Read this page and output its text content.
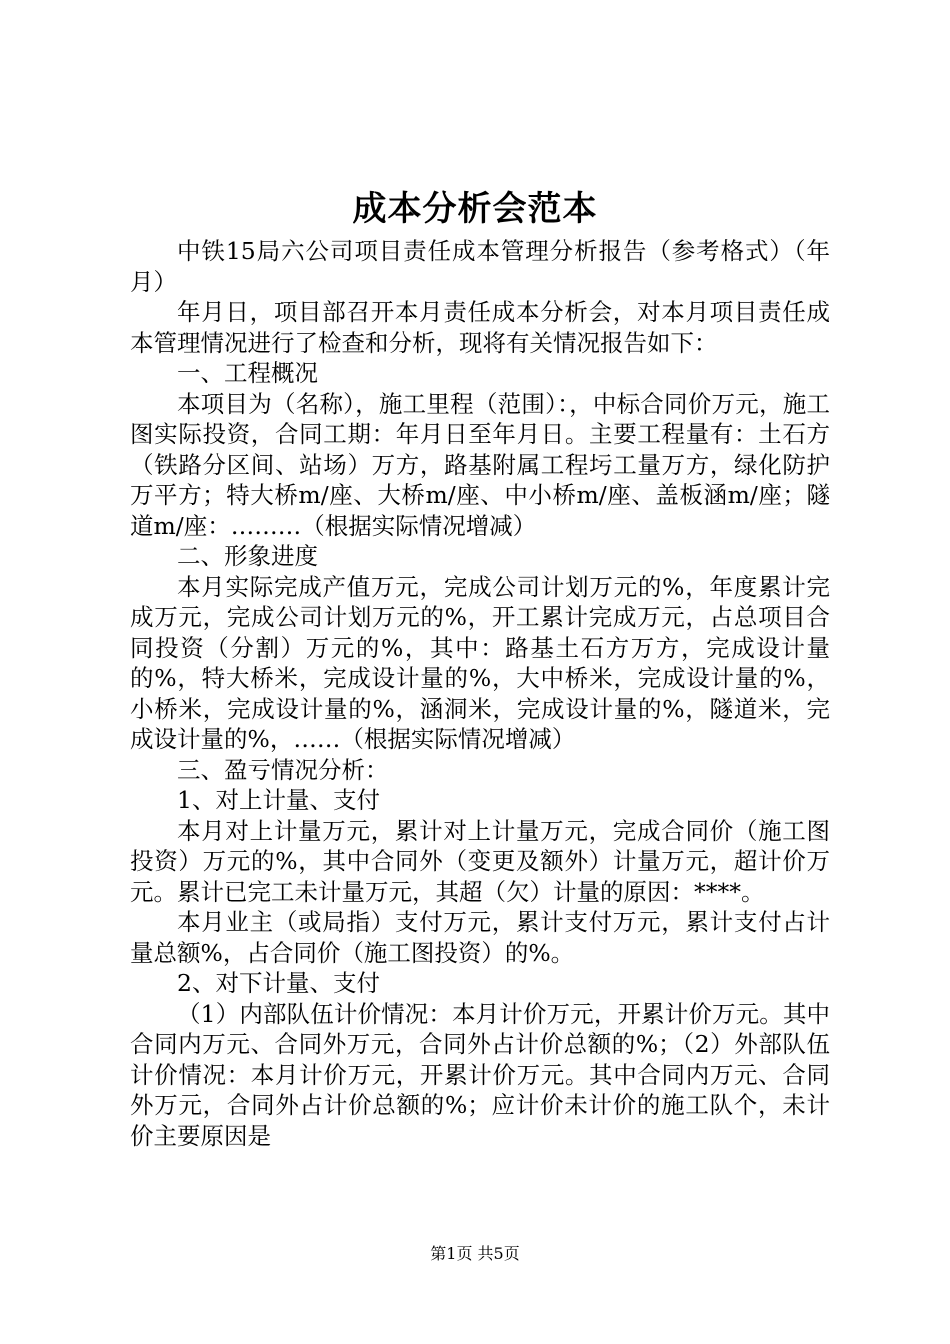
成本分析会范本

中铁15局六公司项目责任成本管理分析报告（参考格式）（年月）

年月日，项目部召开本月责任成本分析会，对本月项目责任成本管理情况进行了检查和分析，现将有关情况报告如下：

一、工程概况

本项目为（名称），施工里程（范围）：，中标合同价万元，施工图实际投资，合同工期：年月日至年月日。主要工程量有：土石方（铁路分区间、站场）万方，路基附属工程圬工量万方，绿化防护万平方；特大桥m/座、大桥m/座、中小桥m/座、盖板涵m/座；隧道m/座：………（根据实际情况增减）

二、形象进度

本月实际完成产值万元，完成公司计划万元的%，年度累计完成万元，完成公司计划万元的%，开工累计完成万元，占总项目合同投资（分割）万元的%，其中：路基土石方万方，完成设计量的%，特大桥米，完成设计量的%，大中桥米，完成设计量的%，小桥米，完成设计量的%，涵洞米，完成设计量的%，隧道米，完成设计量的%，……（根据实际情况增减）

三、盈亏情况分析：

1、对上计量、支付

本月对上计量万元，累计对上计量万元，完成合同价（施工图投资）万元的%，其中合同外（变更及额外）计量万元，超计价万元。累计已完工未计量万元，其超（欠）计量的原因：****。

本月业主（或局指）支付万元，累计支付万元，累计支付占计量总额%，占合同价（施工图投资）的%。

2、对下计量、支付

（1）内部队伍计价情况：本月计价万元，开累计价万元。其中合同内万元、合同外万元，合同外占计价总额的%；（2）外部队伍计价情况：本月计价万元，开累计价万元。其中合同内万元、合同外万元，合同外占计价总额的%；应计价未计价的施工队个，未计价主要原因是

第1页 共5页
